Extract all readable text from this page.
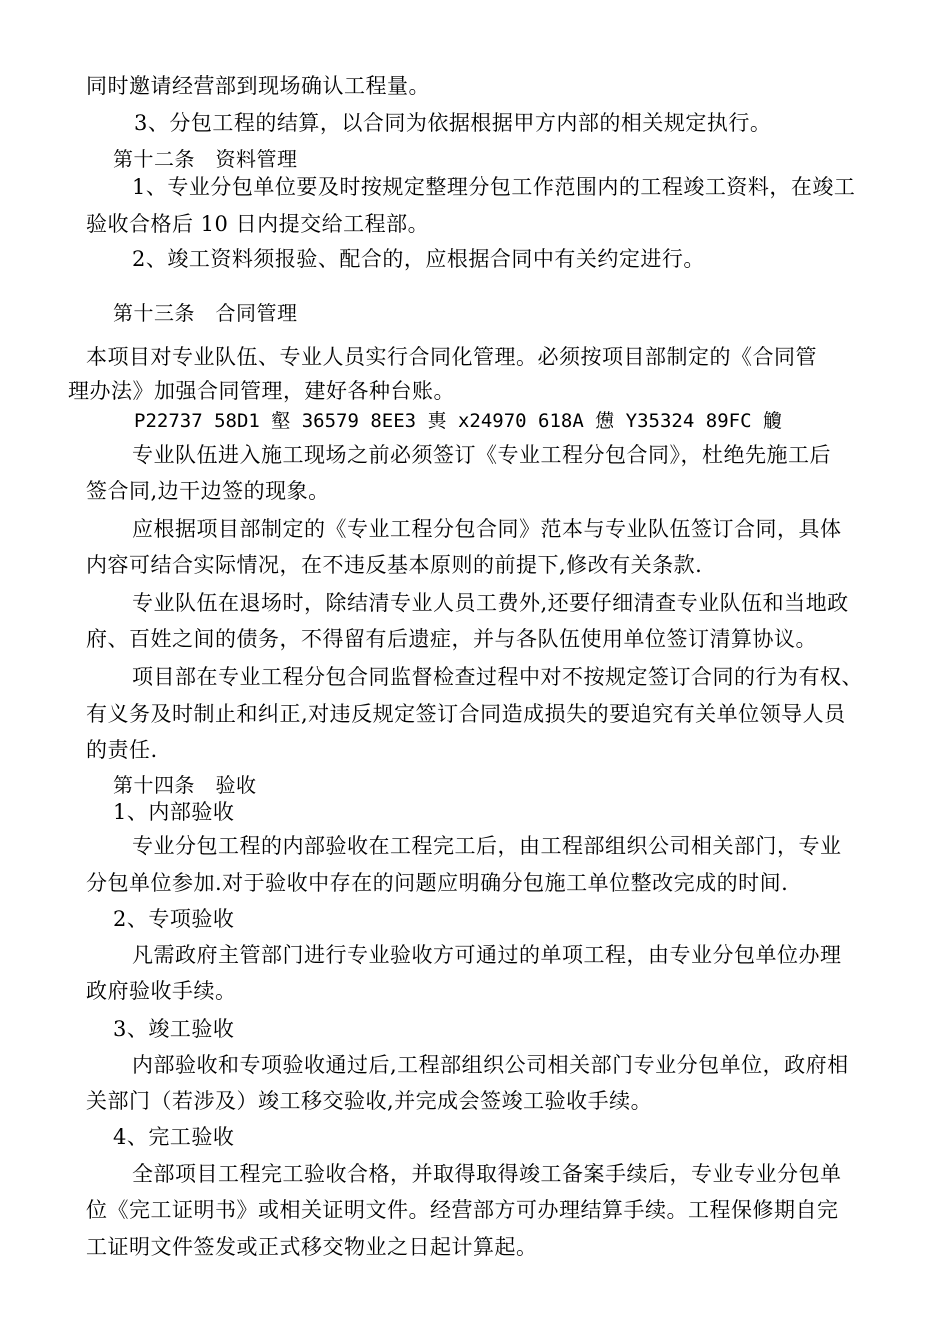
同时邀请经营部到现场确认工程量。
3、分包工程的结算，以合同为依据根据甲方内部的相关规定执行。
第十二条　资料管理
1、专业分包单位要及时按规定整理分包工作范围内的工程竣工资料，在竣工
验收合格后 10 日内提交给工程部。
2、竣工资料须报验、配合的，应根据合同中有关约定进行。
第十三条　合同管理
本项目对专业队伍、专业人员实行合同化管理。必须按项目部制定的《合同管
理办法》加强合同管理，建好各种台账。
P22737 58D1 壑 36579 8EE3 軣 x24970 618A 憊 Y35324 89FC 觼
专业队伍进入施工现场之前必须签订《专业工程分包合同》，杜绝先施工后
签合同,边干边签的现象。
应根据项目部制定的《专业工程分包合同》范本与专业队伍签订合同，具体
内容可结合实际情况，在不违反基本原则的前提下,修改有关条款.
专业队伍在退场时，除结清专业人员工费外,还要仔细清查专业队伍和当地政
府、百姓之间的债务，不得留有后遗症，并与各队伍使用单位签订清算协议。
项目部在专业工程分包合同监督检查过程中对不按规定签订合同的行为有权、
有义务及时制止和纠正,对违反规定签订合同造成损失的要追究有关单位领导人员
的责任.
第十四条　验收
1、内部验收
专业分包工程的内部验收在工程完工后，由工程部组织公司相关部门，专业
分包单位参加.对于验收中存在的问题应明确分包施工单位整改完成的时间.
2、专项验收
凡需政府主管部门进行专业验收方可通过的单项工程，由专业分包单位办理
政府验收手续。
3、竣工验收
内部验收和专项验收通过后,工程部组织公司相关部门专业分包单位，政府相
关部门（若涉及）竣工移交验收,并完成会签竣工验收手续。
4、完工验收
全部项目工程完工验收合格，并取得取得竣工备案手续后，专业专业分包单
位《完工证明书》或相关证明文件。经营部方可办理结算手续。工程保修期自完
工证明文件签发或正式移交物业之日起计算起。
